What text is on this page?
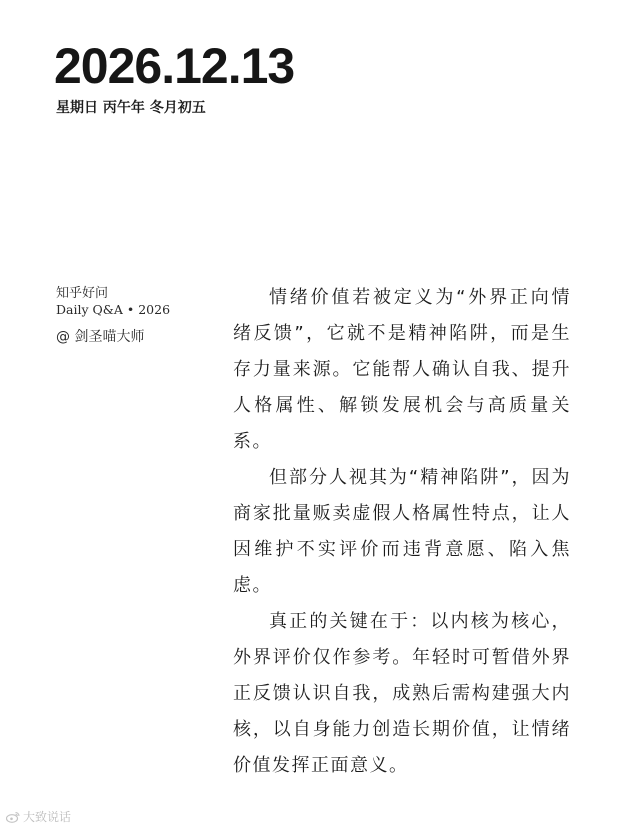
2026.12.13
星期日 丙午年 冬月初五
知乎好问
Daily Q&A • 2026
@ 剑圣喵大师

情绪价值若被定义为“外界正向情绪反馈”，它就不是精神陷阱，而是生存力量来源。它能帮人确认自我、提升人格属性、解锁发展机会与高质量关系。

但部分人视其为“精神陷阱”，因为商家批量贩卖虚假人格属性特点，让人因维护不实评价而违背意愿、陷入焦虑。

真正的关键在于：以内核为核心，外界评价仅作参考。年轻时可暂借外界正反馈认识自我，成熟后需构建强大内核，以自身能力创造长期价值，让情绪价值发挥正面意义。

大致说话
